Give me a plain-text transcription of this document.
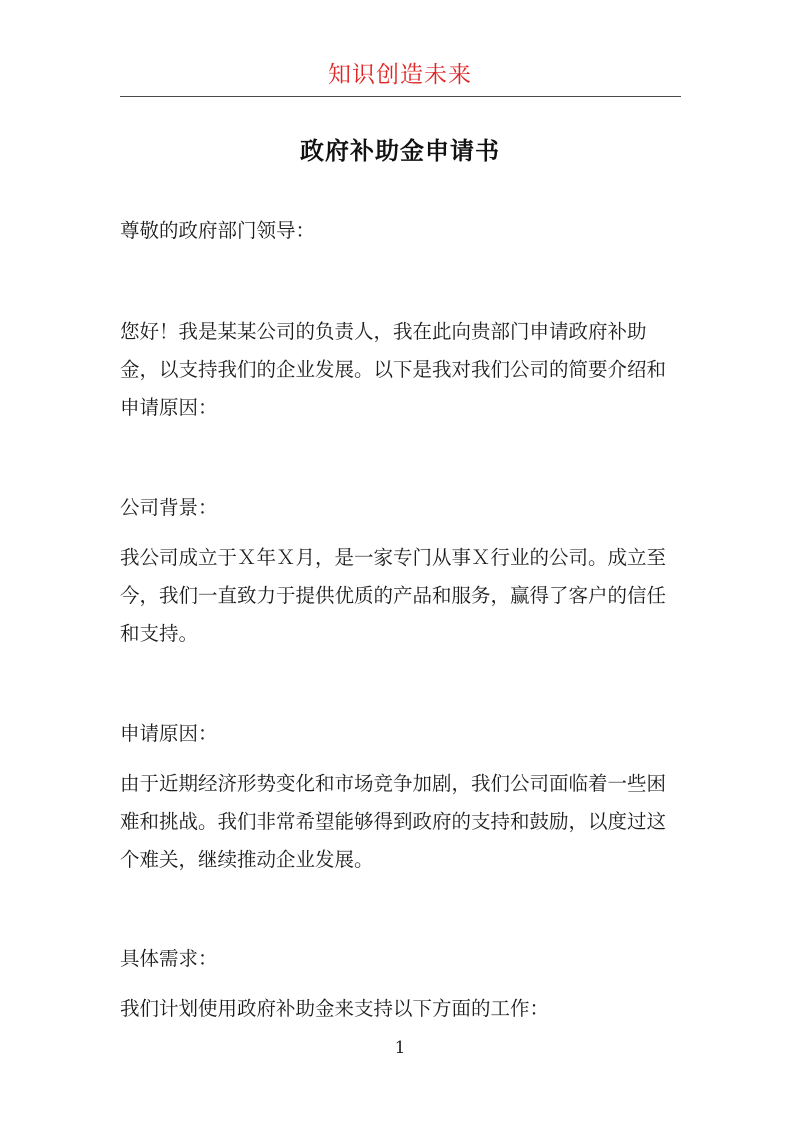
知识创造未来
政府补助金申请书
尊敬的政府部门领导：
您好！我是某某公司的负责人，我在此向贵部门申请政府补助金，以支持我们的企业发展。以下是我对我们公司的简要介绍和申请原因：
公司背景：
我公司成立于Ｘ年Ｘ月，是一家专门从事Ｘ行业的公司。成立至今，我们一直致力于提供优质的产品和服务，赢得了客户的信任和支持。
申请原因：
由于近期经济形势变化和市场竞争加剧，我们公司面临着一些困难和挑战。我们非常希望能够得到政府的支持和鼓励，以度过这个难关，继续推动企业发展。
具体需求：
我们计划使用政府补助金来支持以下方面的工作：
1
